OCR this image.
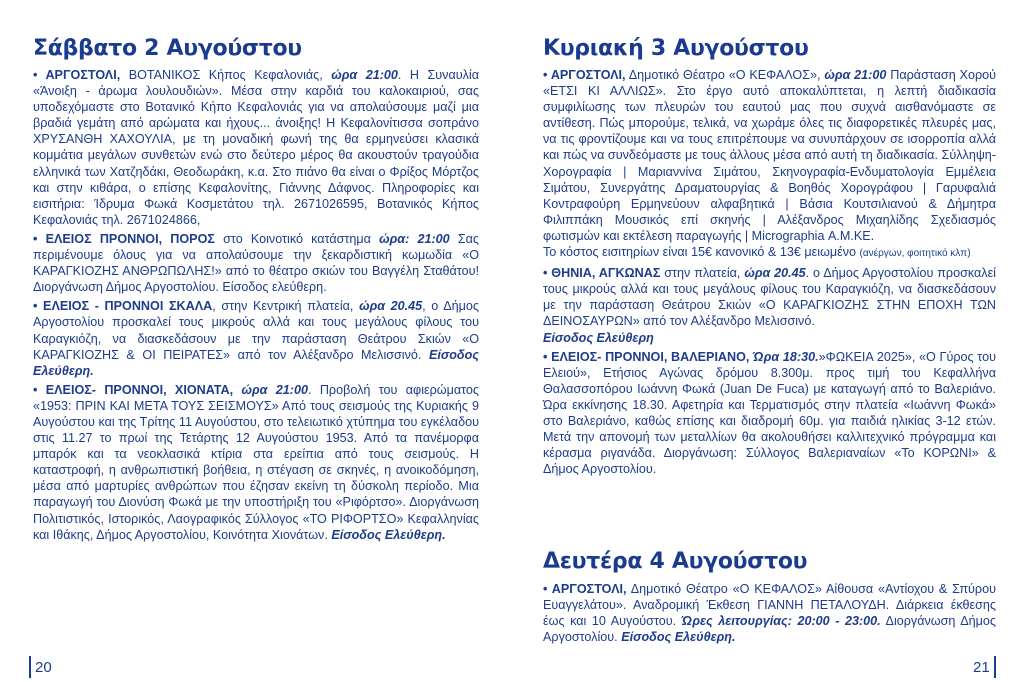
Σάββατο 2 Αυγούστου

• ΑΡΓΟΣΤΟΛΙ, ΒΟΤΑΝΙΚΟΣ Κήπος Κεφαλονιάς, ώρα 21:00. Η Συναυλία «Άνοιξη - άρωμα λουλουδιών». Μέσα στην καρδιά του καλοκαιριού, σας υποδεχόμαστε στο Βοτανικό Κήπο Κεφαλονιάς για να απολαύσουμε μαζί μια βραδιά γεμάτη από αρώματα και ήχους... άνοιξης! Η Κεφαλονίτισσα σοπράνο ΧΡΥΣΑΝΘΗ ΧΑΧΟΥΛΙΑ, με τη μοναδική φωνή της θα ερμηνεύσει κλασικά κομμάτια μεγάλων συνθετών ενώ στο δεύτερο μέρος θα ακουστούν τραγούδια ελληνικά των Χατζηδάκι, Θεοδωράκη, κ.α. Στο πιάνο θα είναι ο Φρίξος Μόρτζος και στην κιθάρα, ο επίσης Κεφαλονίτης, Γιάννης Δάφνος. Πληροφορίες και εισιτήρια: Ίδρυμα Φωκά Κοσμετάτου τηλ. 2671026595, Βοτανικός Κήπος Κεφαλονιάς τηλ. 2671024866,

• ΕΛΕΙΟΣ ΠΡΟΝΝΟΙ, ΠΟΡΟΣ στο Κοινοτικό κατάστημα ώρα: 21:00 Σας περιμένουμε όλους για να απολαύσουμε την ξεκαρδιστική κωμωδία «Ο ΚΑΡΑΓΚΙΟΖΗΣ ΑΝΘΡΩΠΩΛΗΣ!» από το θέατρο σκιών του Βαγγέλη Σταθάτου! Διοργάνωση Δήμος Αργοστολίου. Είσοδος ελεύθερη.

• ΕΛΕΙΟΣ - ΠΡΟΝΝΟΙ ΣΚΑΛΑ, στην Κεντρική πλατεία, ώρα 20.45, ο Δήμος Αργοστολίου προσκαλεί τους μικρούς αλλά και τους μεγάλους φίλους του Καραγκιόζη, να διασκεδάσουν με την παράσταση Θεάτρου Σκιών «Ο ΚΑΡΑΓΚΙΟΖΗΣ & ΟΙ ΠΕΙΡΑΤΕΣ» από τον Αλέξανδρο Μελισσινό. Είσοδος Ελεύθερη.

• ΕΛΕΙΟΣ- ΠΡΟΝΝΟΙ, ΧΙΟΝΑΤΑ, ώρα 21:00. Προβολή του αφιερώματος «1953: ΠΡΙΝ ΚΑΙ ΜΕΤΑ ΤΟΥΣ ΣΕΙΣΜΟΥΣ» Από τους σεισμούς της Κυριακής 9 Αυγούστου και της Τρίτης 11 Αυγούστου, στο τελειωτικό χτύπημα του εγκέλαδου στις 11.27 το πρωί της Τετάρτης 12 Αυγούστου 1953. Από τα πανέμορφα μπαρόκ και τα νεοκλασικά κτίρια στα ερείπια από τους σεισμούς. Η καταστροφή, η ανθρωπιστική βοήθεια, η στέγαση σε σκηνές, η ανοικοδόμηση, μέσα από μαρτυρίες ανθρώπων που έζησαν εκείνη τη δύσκολη περίοδο. Μια παραγωγή του Διονύση Φωκά με την υποστήριξη του «Ριφόρτσο». Διοργάνωση Πολιτιστικός, Ιστορικός, Λαογραφικός Σύλλογος «ΤΟ ΡΙΦΟΡΤΣΟ» Κεφαλληνίας και Ιθάκης, Δήμος Αργοστολίου, Κοινότητα Χιονάτων. Είσοδος Ελεύθερη.

20
Κυριακή 3 Αυγούστου

• ΑΡΓΟΣΤΟΛΙ, Δημοτικό Θέατρο «Ο ΚΕΦΑΛΟΣ», ώρα 21:00 Παράσταση Χορού «ΕΤΣΙ ΚΙ ΑΛΛΙΩΣ». Στο έργο αυτό αποκαλύπτεται, η λεπτή διαδικασία συμφιλίωσης των πλευρών του εαυτού μας που συχνά αισθανόμαστε σε αντίθεση. Πώς μπορούμε, τελικά, να χωράμε όλες τις διαφορετικές πλευρές μας, να τις φροντίζουμε και να τους επιτρέπουμε να συνυπάρχουν σε ισορροπία αλλά και πώς να συνδεόμαστε με τους άλλους μέσα από αυτή τη διαδικασία. Σύλληψη-Χορογραφία | Μαριαννίνα Σιμάτου, Σκηνογραφία-Ενδυματολογία Εμμέλεια Σιμάτου, Συνεργάτης Δραματουργίας & Βοηθός Χορογράφου | Γαρυφαλιά Κοντραφούρη Ερμηνεύουν αλφαβητικά | Βάσια Κουτσιλιανού & Δήμητρα Φιλιππάκη Μουσικός επί σκηνής | Αλέξανδρος Μιχαηλίδης Σχεδιασμός φωτισμών και εκτέλεση παραγωγής | Micrographia Α.Μ.ΚΕ.
Το κόστος εισιτηρίων είναι 15€ κανονικό & 13€ μειωμένο (ανέργων, φοιτητικό κλπ)

• ΘΗΝΙΑ, ΑΓΚΩΝΑΣ στην πλατεία, ώρα 20.45. ο Δήμος Αργοστολίου προσκαλεί τους μικρούς αλλά και τους μεγάλους φίλους του Καραγκιόζη, να διασκεδάσουν με την παράσταση Θεάτρου Σκιών «Ο ΚΑΡΑΓΚΙΟΖΗΣ ΣΤΗΝ ΕΠΟΧΗ ΤΩΝ ΔΕΙΝΟΣΑΥΡΩΝ» από τον Αλέξανδρο Μελισσινό.
Είσοδος Ελεύθερη

• ΕΛΕΙΟΣ- ΠΡΟΝΝΟΙ, ΒΑΛΕΡΙΑΝΟ, Ώρα 18:30.»ΦΩΚΕΙΑ 2025», «Ο Γύρος του Ελειού», Ετήσιος Αγώνας δρόμου 8.300μ. προς τιμή του Κεφαλλήνα Θαλασσοπόρου Ιωάννη Φωκά (Juan De Fuca) με καταγωγή από το Βαλεριάνο. Ώρα εκκίνησης 18.30. Αφετηρία και Τερματισμός στην πλατεία «Ιωάννη Φωκά» στο Βαλεριάνο, καθώς επίσης και διαδρομή 60μ. για παιδιά ηλικίας 3-12 ετών. Μετά την απονομή των μεταλλίων θα ακολουθήσει καλλιτεχνικό πρόγραμμα και κέρασμα ριγανάδα. Διοργάνωση: Σύλλογος Βαλεριαναίων «Το ΚΟΡΩΝΙ» & Δήμος Αργοστολίου.

Δευτέρα 4 Αυγούστου

• ΑΡΓΟΣΤΟΛΙ, Δημοτικό Θέατρο «Ο ΚΕΦΑΛΟΣ» Αίθουσα «Αντίοχου & Σπύρου Ευαγγελάτου». Αναδρομική Έκθεση ΓΙΑΝΝΗ ΠΕΤΑΛΟΥΔΗ. Διάρκεια έκθεσης έως και 10 Αυγούστου. Ώρες λειτουργίας: 20:00 - 23:00. Διοργάνωση Δήμος Αργοστολίου. Είσοδος Ελεύθερη.

21
